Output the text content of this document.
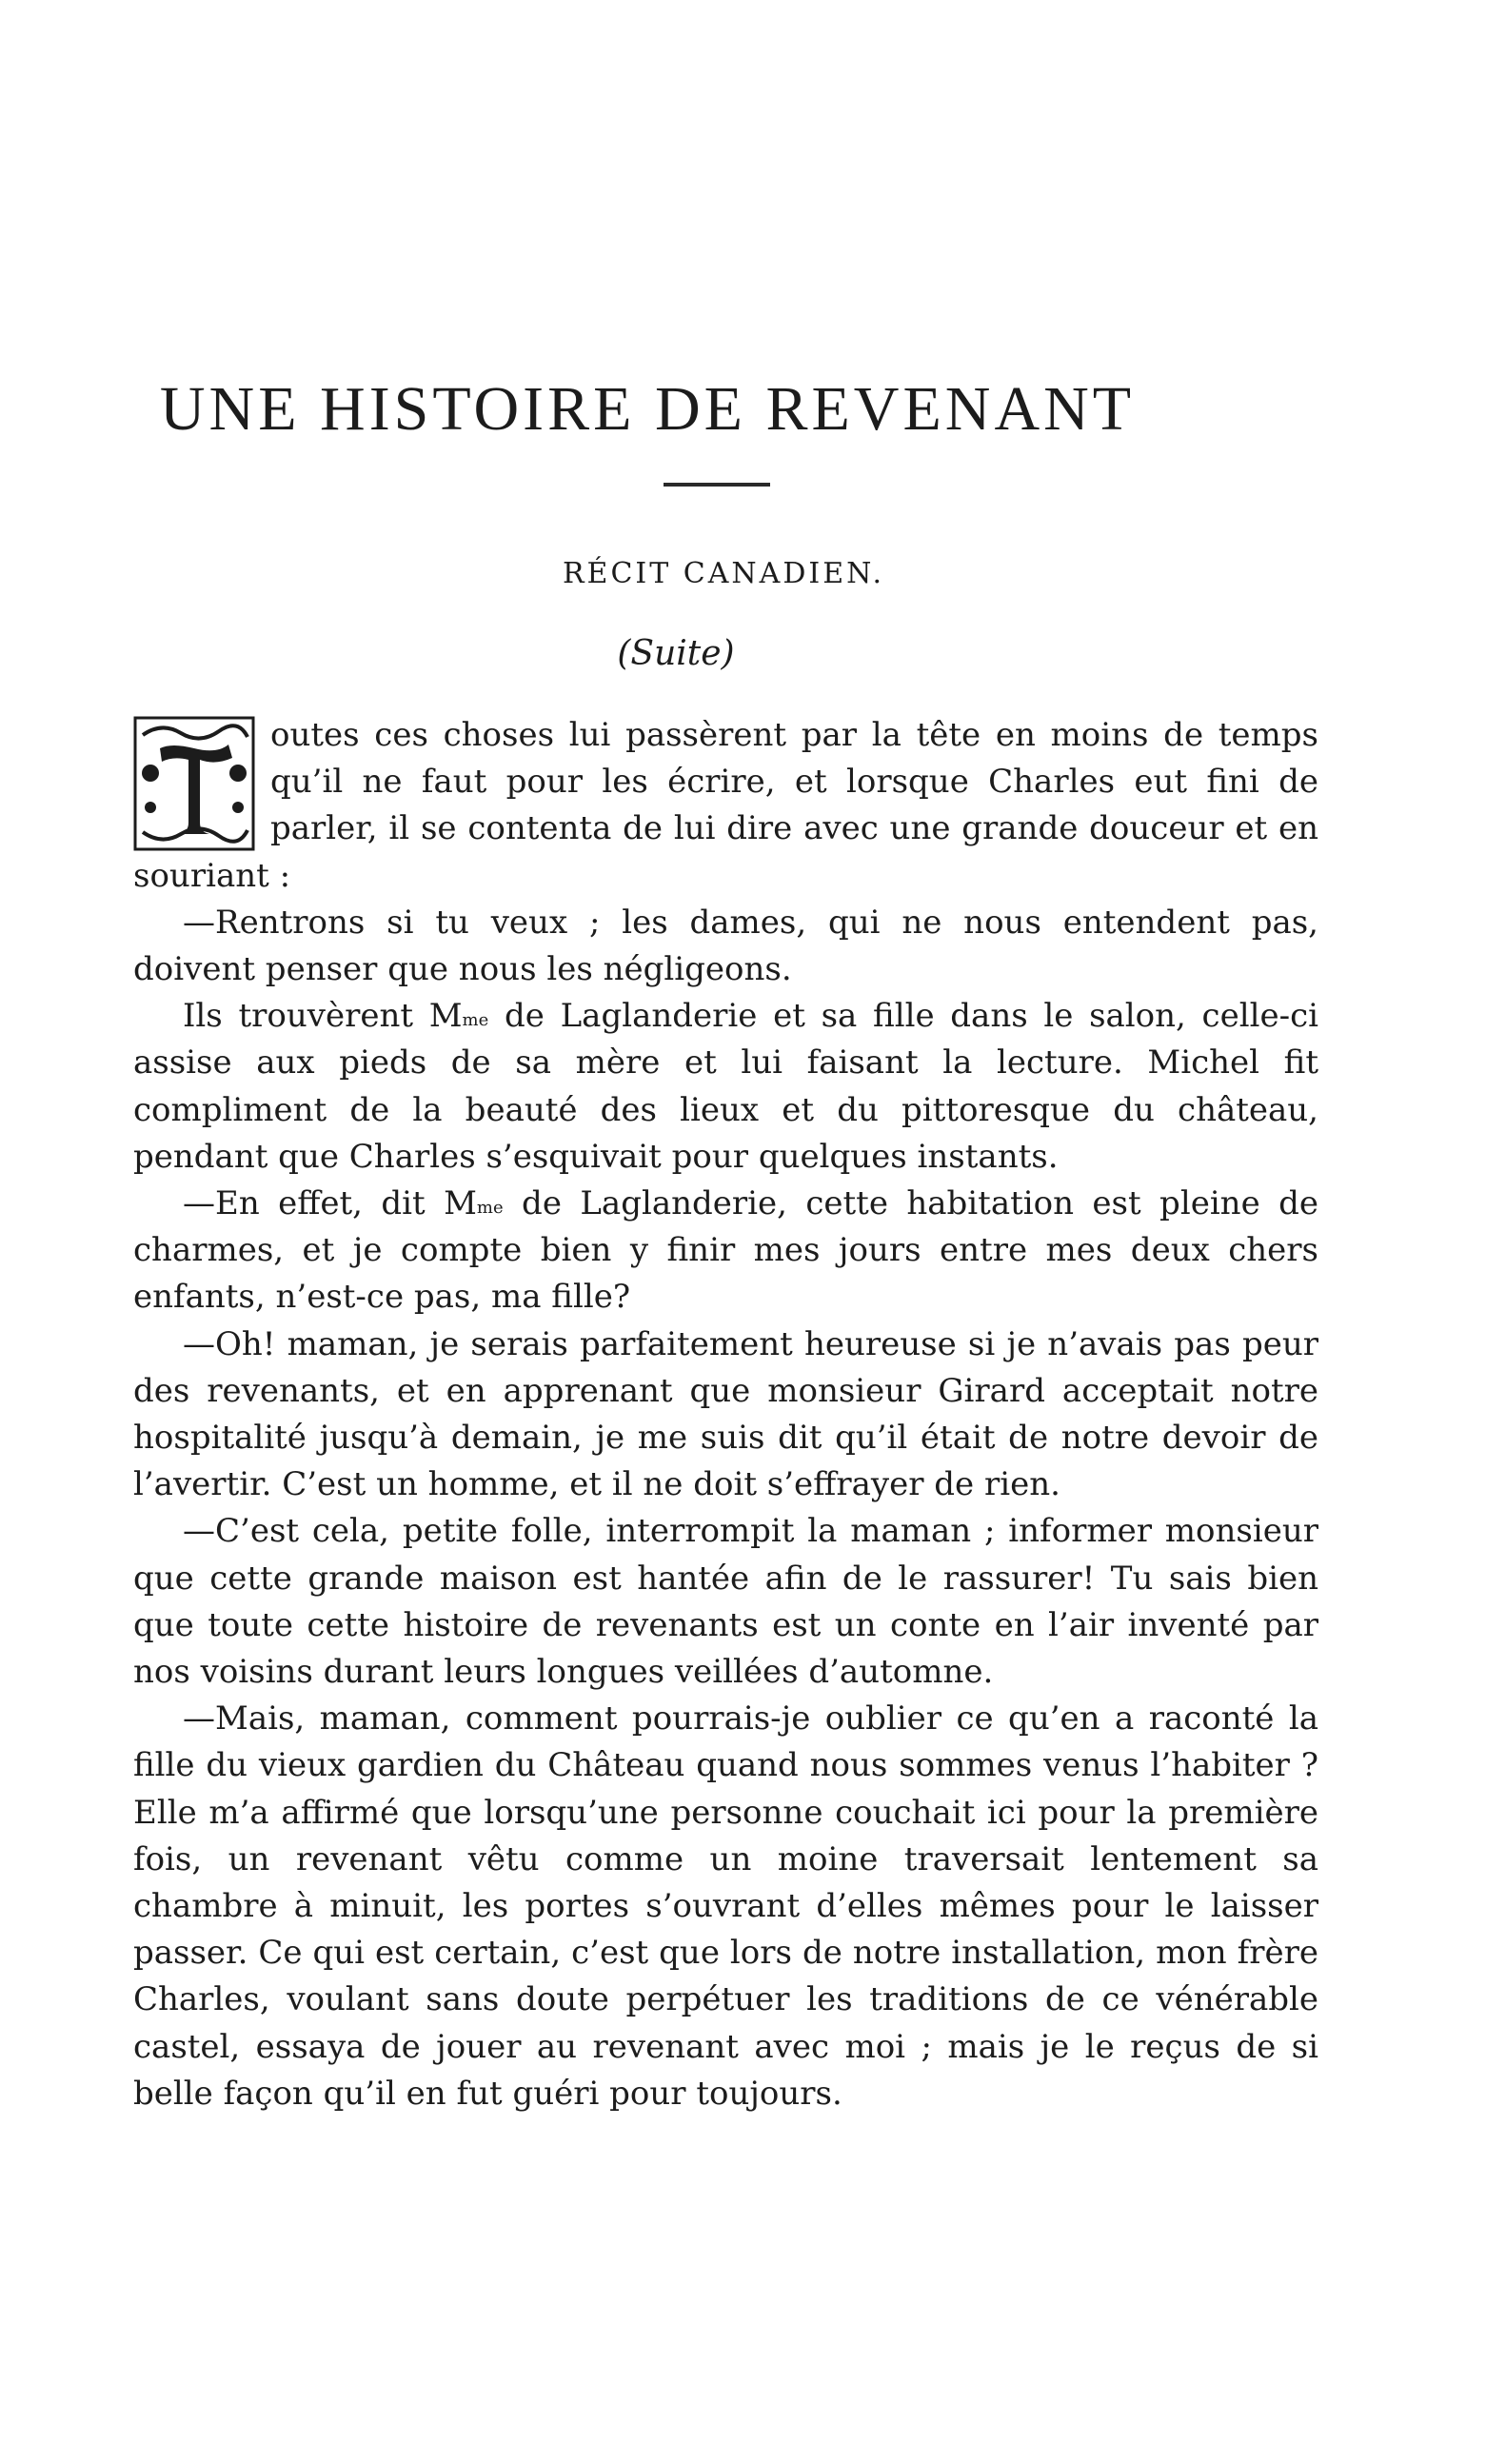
UNE HISTOIRE DE REVENANT
RÉCIT CANADIEN.
(Suite)

outes ces choses lui passèrent par la tête en moins de temps qu’il ne faut pour les écrire, et lorsque Charles eut fini de parler, il se contenta de lui dire avec une grande douceur et en souriant :

—Rentrons si tu veux ; les dames, qui ne nous entendent pas, doivent penser que nous les négligeons.

Ils trouvèrent $M^{me}$ de Laglanderie et sa fille dans le salon, celle-ci assise aux pieds de sa mère et lui faisant la lecture. Michel fit compliment de la beauté des lieux et du pittoresque du château, pendant que Charles s’esquivait pour quelques instants.

—En effet, dit $M^{me}$ de Laglanderie, cette habitation est pleine de charmes, et je compte bien y finir mes jours entre mes deux chers enfants, n’est-ce pas, ma fille?

—Oh! maman, je serais parfaitement heureuse si je n’avais pas peur des revenants, et en apprenant que monsieur Girard acceptait notre hospitalité jusqu’à demain, je me suis dit qu’il était de notre devoir de l’avertir. C’est un homme, et il ne doit s’effrayer de rien.

—C’est cela, petite folle, interrompit la maman ; informer monsieur que cette grande maison est hantée afin de le rassurer! Tu sais bien que toute cette histoire de revenants est un conte en l’air inventé par nos voisins durant leurs longues veillées d’automne.

—Mais, maman, comment pourrais-je oublier ce qu’en a raconté la fille du vieux gardien du Château quand nous sommes venus l’habiter ? Elle m’a affirmé que lorsqu’une personne couchait ici pour la première fois, un revenant vêtu comme un moine traversait lentement sa chambre à minuit, les portes s’ouvrant d’elles mêmes pour le laisser passer. Ce qui est certain, c’est que lors de notre installation, mon frère Charles, voulant sans doute perpétuer les traditions de ce vénérable castel, essaya de jouer au revenant avec moi ; mais je le reçus de si belle façon qu’il en fut guéri pour toujours.
